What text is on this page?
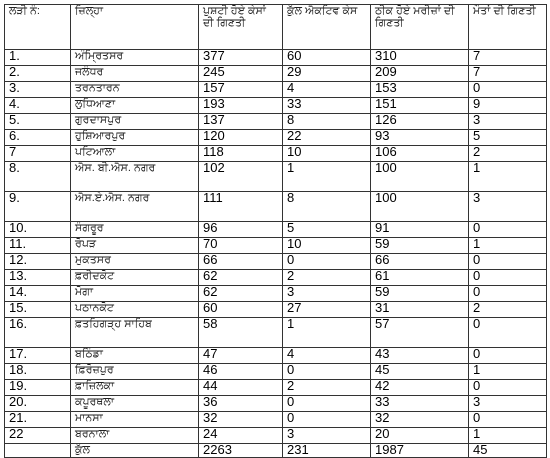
ਲੜੀ ਨੰ:	ਜ਼ਿਲ੍ਹਾ	ਪੁਸ਼ਟੀ ਹੋਏ ਕੇਸਾਂ ਦੀ ਗਿਣਤੀ	ਕੁੱਲ ਐਕਟਿਵ ਕੇਸ	ਠੀਕ ਹੋਏ ਮਰੀਜ਼ਾਂ ਦੀ ਗਿਣਤੀ	ਮੌਤਾਂ ਦੀ ਗਿਣਤੀ
1.	ਅੰਮ੍ਰਿਤਸਰ	377	60	310	7
2.	ਜਲੰਧਰ	245	29	209	7
3.	ਤਰਨਤਾਰਨ	157	4	153	0
4.	ਲੁਧਿਆਣਾ	193	33	151	9
5.	ਗੁਰਦਾਸਪੁਰ	137	8	126	3
6.	ਹੁਸ਼ਿਆਰਪੁਰ	120	22	93	5
7	ਪਟਿਆਲਾ	118	10	106	2
8.	ਐਸ. ਬੀ.ਐਸ. ਨਗਰ	102	1	100	1
9.	ਐਸ.ਏ.ਐਸ. ਨਗਰ	111	8	100	3
10.	ਸੰਗਰੂਰ	96	5	91	0
11.	ਰੋਪੜ	70	10	59	1
12.	ਮੁਕਤਸਰ	66	0	66	0
13.	ਫ਼ਰੀਦਕੋਟ	62	2	61	0
14.	ਮੋਗਾ	62	3	59	0
15.	ਪਠਾਨਕੋਟ	60	27	31	2
16.	ਫ਼ਤਹਿਗੜ੍ਹ ਸਾਹਿਬ	58	1	57	0
17.	ਬਠਿੰਡਾ	47	4	43	0
18.	ਫ਼ਿਰੋਜ਼ਪੁਰ	46	0	45	1
19.	ਫ਼ਾਜ਼ਿਲਕਾ	44	2	42	0
20.	ਕਪੂਰਥਲਾ	36	0	33	3
21.	ਮਾਨਸਾ	32	0	32	0
22	ਬਰਨਾਲਾ	24	3	20	1
	ਕੁੱਲ	2263	231	1987	45
